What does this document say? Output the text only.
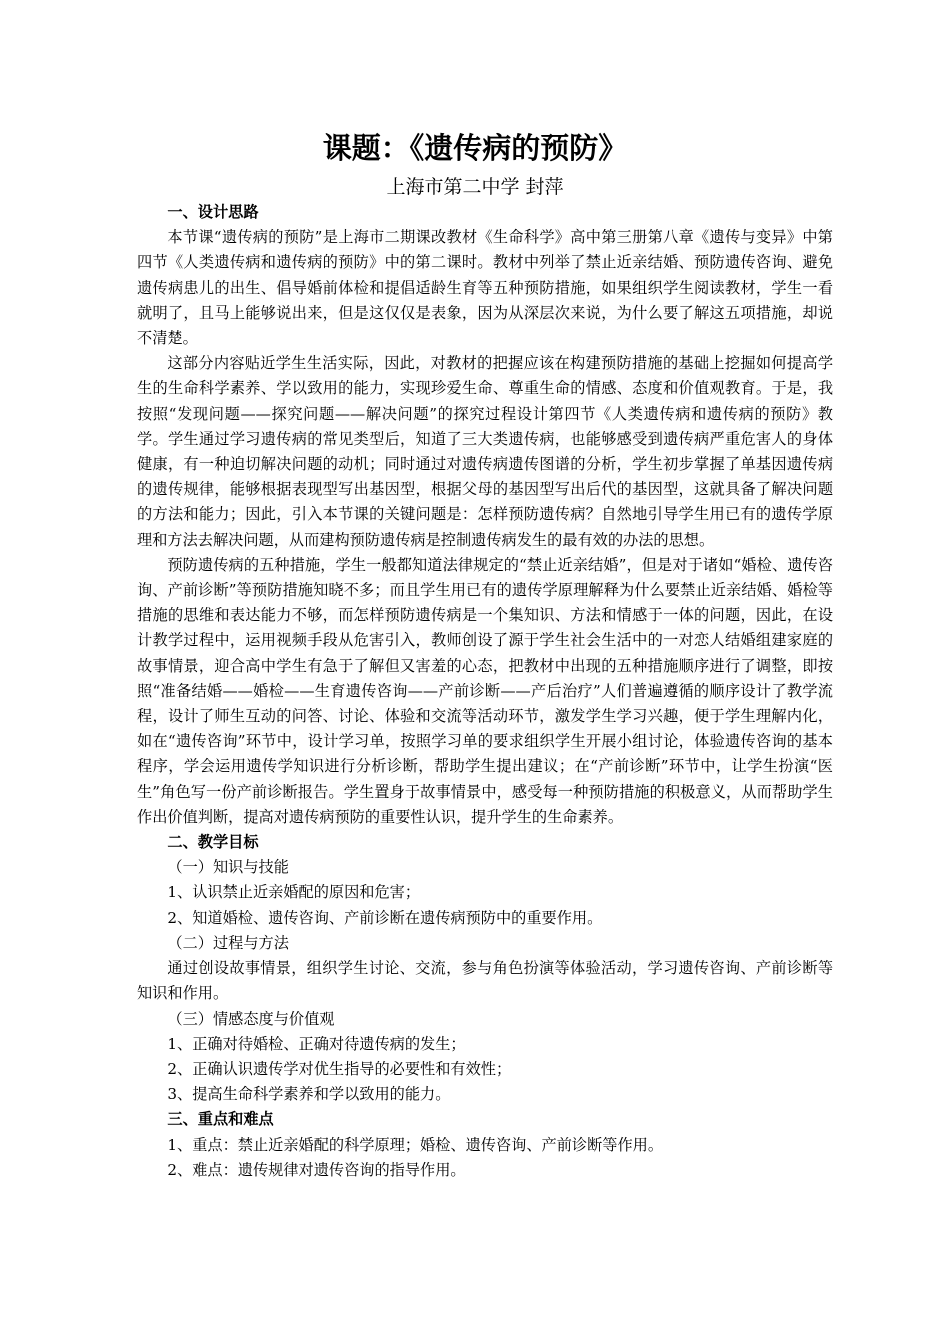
课题：《遗传病的预防》
上海市第二中学 封萍

一、设计思路

本节课“遗传病的预防”是上海市二期课改教材《生命科学》高中第三册第八章《遗传与变异》中第四节《人类遗传病和遗传病的预防》中的第二课时。教材中列举了禁止近亲结婚、预防遗传咨询、避免遗传病患儿的出生、倡导婚前体检和提倡适龄生育等五种预防措施，如果组织学生阅读教材，学生一看就明了，且马上能够说出来，但是这仅仅是表象，因为从深层次来说，为什么要了解这五项措施，却说不清楚。

这部分内容贴近学生生活实际，因此，对教材的把握应该在构建预防措施的基础上挖掘如何提高学生的生命科学素养、学以致用的能力，实现珍爱生命、尊重生命的情感、态度和价值观教育。于是，我按照“发现问题——探究问题——解决问题”的探究过程设计第四节《人类遗传病和遗传病的预防》教学。学生通过学习遗传病的常见类型后，知道了三大类遗传病，也能够感受到遗传病严重危害人的身体健康，有一种迫切解决问题的动机；同时通过对遗传病遗传图谱的分析，学生初步掌握了单基因遗传病的遗传规律，能够根据表现型写出基因型，根据父母的基因型写出后代的基因型，这就具备了解决问题的方法和能力；因此，引入本节课的关键问题是：怎样预防遗传病？自然地引导学生用已有的遗传学原理和方法去解决问题，从而建构预防遗传病是控制遗传病发生的最有效的办法的思想。

预防遗传病的五种措施，学生一般都知道法律规定的“禁止近亲结婚”，但是对于诸如“婚检、遗传咨询、产前诊断”等预防措施知晓不多；而且学生用已有的遗传学原理解释为什么要禁止近亲结婚、婚检等措施的思维和表达能力不够，而怎样预防遗传病是一个集知识、方法和情感于一体的问题，因此，在设计教学过程中，运用视频手段从危害引入，教师创设了源于学生社会生活中的一对恋人结婚组建家庭的故事情景，迎合高中学生有急于了解但又害羞的心态，把教材中出现的五种措施顺序进行了调整，即按照“准备结婚——婚检——生育遗传咨询——产前诊断——产后治疗”人们普遍遵循的顺序设计了教学流程，设计了师生互动的问答、讨论、体验和交流等活动环节，激发学生学习兴趣，便于学生理解内化，如在“遗传咨询”环节中，设计学习单，按照学习单的要求组织学生开展小组讨论，体验遗传咨询的基本程序，学会运用遗传学知识进行分析诊断，帮助学生提出建议；在“产前诊断”环节中，让学生扮演“医生”角色写一份产前诊断报告。学生置身于故事情景中，感受每一种预防措施的积极意义，从而帮助学生作出价值判断，提高对遗传病预防的重要性认识，提升学生的生命素养。

二、教学目标

（一）知识与技能

1、认识禁止近亲婚配的原因和危害；

2、知道婚检、遗传咨询、产前诊断在遗传病预防中的重要作用。

（二）过程与方法

通过创设故事情景，组织学生讨论、交流，参与角色扮演等体验活动，学习遗传咨询、产前诊断等知识和作用。

（三）情感态度与价值观

1、正确对待婚检、正确对待遗传病的发生；

2、正确认识遗传学对优生指导的必要性和有效性；

3、提高生命科学素养和学以致用的能力。

三、重点和难点

1、重点：禁止近亲婚配的科学原理；婚检、遗传咨询、产前诊断等作用。

2、难点：遗传规律对遗传咨询的指导作用。
